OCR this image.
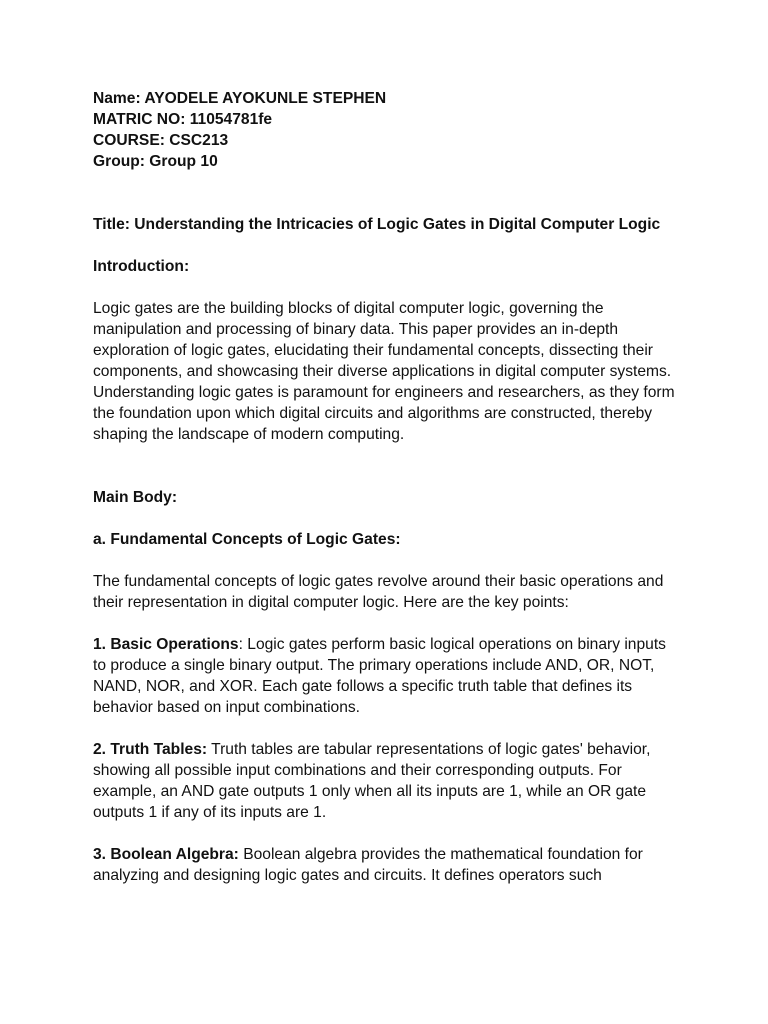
Name: AYODELE AYOKUNLE STEPHEN

MATRIC NO: 11054781fe

COURSE: CSC213

Group: Group 10

Title: Understanding the Intricacies of Logic Gates in Digital Computer Logic

Introduction:

Logic gates are the building blocks of digital computer logic, governing the manipulation and processing of binary data. This paper provides an in-depth exploration of logic gates, elucidating their fundamental concepts, dissecting their components, and showcasing their diverse applications in digital computer systems. Understanding logic gates is paramount for engineers and researchers, as they form the foundation upon which digital circuits and algorithms are constructed, thereby shaping the landscape of modern computing.

Main Body:

a. Fundamental Concepts of Logic Gates:

The fundamental concepts of logic gates revolve around their basic operations and their representation in digital computer logic. Here are the key points:

1. Basic Operations: Logic gates perform basic logical operations on binary inputs to produce a single binary output. The primary operations include AND, OR, NOT, NAND, NOR, and XOR. Each gate follows a specific truth table that defines its behavior based on input combinations.

2. Truth Tables: Truth tables are tabular representations of logic gates' behavior, showing all possible input combinations and their corresponding outputs. For example, an AND gate outputs 1 only when all its inputs are 1, while an OR gate outputs 1 if any of its inputs are 1.

3. Boolean Algebra: Boolean algebra provides the mathematical foundation for analyzing and designing logic gates and circuits. It defines operators such
